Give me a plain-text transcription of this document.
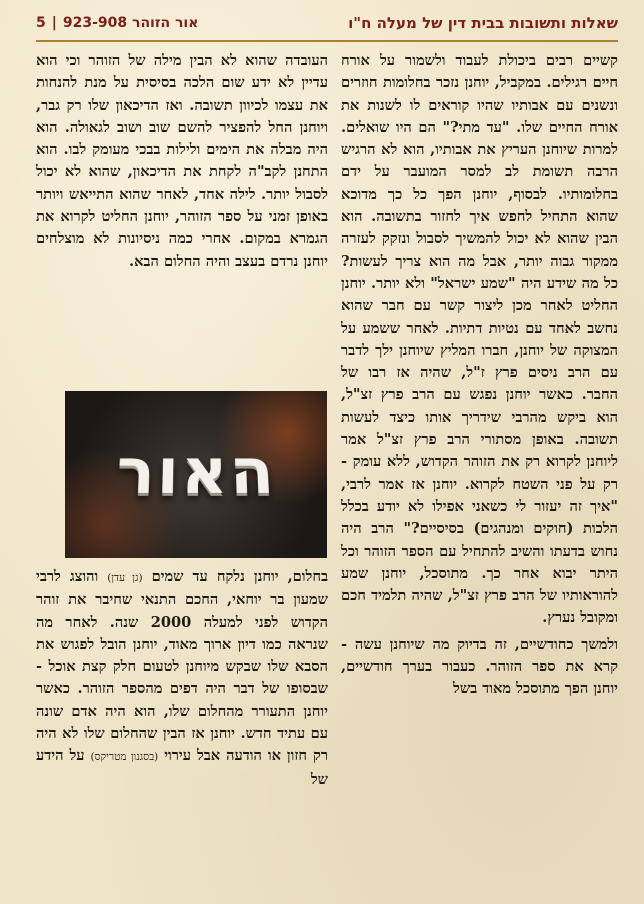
שאלות ותשובות בבית דין של מעלה ח"ו
אור הזוהר 923-908
|
5

קשיים רבים ביכולת לעבוד ולשמור על אורח חיים רגילים. במקביל, יוחנן נזכר בחלומות חוזרים ונשנים עם אבותיו שהיו קוראים לו לשנות את אורח החיים שלו. "עד מתי?" הם היו שואלים. למרות שיוחנן העריץ את אבותיו, הוא לא הרגיש הרבה תשומת לב למסר המועבר על ידם בחלומותיו. לבסוף, יוחנן הפך כל כך מדוכא שהוא התחיל לחפש איך לחזור בתשובה. הוא הבין שהוא לא יכול להמשיך לסבול ונזקק לעזרה ממקור גבוה יותר, אבל מה הוא צריך לעשות? כל מה שידע היה "שמע ישראל" ולא יותר. יוחנן החליט לאחר מכן ליצור קשר עם חבר שהוא נחשב לאחד עם נטיות דתיות. לאחר ששמע על המצוקה של יוחנן, חברו המליץ שיוחנן ילך לדבר עם הרב ניסים פרץ ז"ל, שהיה אז רבו של החבר. כאשר יוחנן נפגש עם הרב פרץ זצ"ל, הוא ביקש מהרבי שידריך אותו כיצד לעשות תשובה. באופן מסתורי הרב פרץ זצ"ל אמר ליוחנן לקרוא רק את הזוהר הקדוש, ללא עומק - רק על פני השטח לקרוא. יוחנן אז אמר לרבי, "איך זה יעזור לי כשאני אפילו לא יודע בכלל הלכות (חוקים ומנהגים) בסיסיים?" הרב היה נחוש בדעתו והשיב להתחיל עם הספר הזוהר וכל היתר יבוא אחר כך. מתוסכל, יוחנן שמע להוראותיו של הרב פרץ זצ"ל, שהיה תלמיד חכם ומקובל נערץ.

ולמשך כחודשיים, זה בדיוק מה שיוחנן עשה - קרא את ספר הזוהר. כעבור בערך חודשיים, יוחנן הפך מתוסכל מאוד בשל

העובדה שהוא לא הבין מילה של הזוהר וכי הוא עדיין לא ידע שום הלכה בסיסית על מנת להנחות את עצמו לכיוון תשובה. ואז הדיכאון שלו רק גבר, ויוחנן החל להפציר להשם שוב ושוב לגאולה. הוא היה מבלה את הימים ולילות בבכי מעומק לבו. הוא התחנן לקב"ה לקחת את הדיכאון, שהוא לא יכול לסבול יותר. לילה אחד, לאחר שהוא התייאש ויותר באופן זמני על ספר הזוהר, יוחנן החליט לקרוא את הגמרא במקום. אחרי כמה ניסיונות לא מוצלחים יוחנן נרדם בעצב והיה החלום הבא.

האור

בחלום, יוחנן נלקח עד שמים (גן עדן) והוצג לרבי שמעון בר יוחאי, החכם התנאי שחיבר את זוהר הקדוש לפני למעלה 2000 שנה. לאחר מה שנראה כמו דיון ארוך מאוד, יוחנן הובל לפגוש את הסבא שלו שבקש מיוחנן לטעום חלק קצת אוכל - שבסופו של דבר היה דפים מהספר הזוהר. כאשר יוחנן התעורר מהחלום שלו, הוא היה אדם שונה עם עתיד חדש. יוחנן אז הבין שהחלום שלו לא היה רק חזון או הודעה אבל עירוי (בסגנון מטריקס) על הידע של
